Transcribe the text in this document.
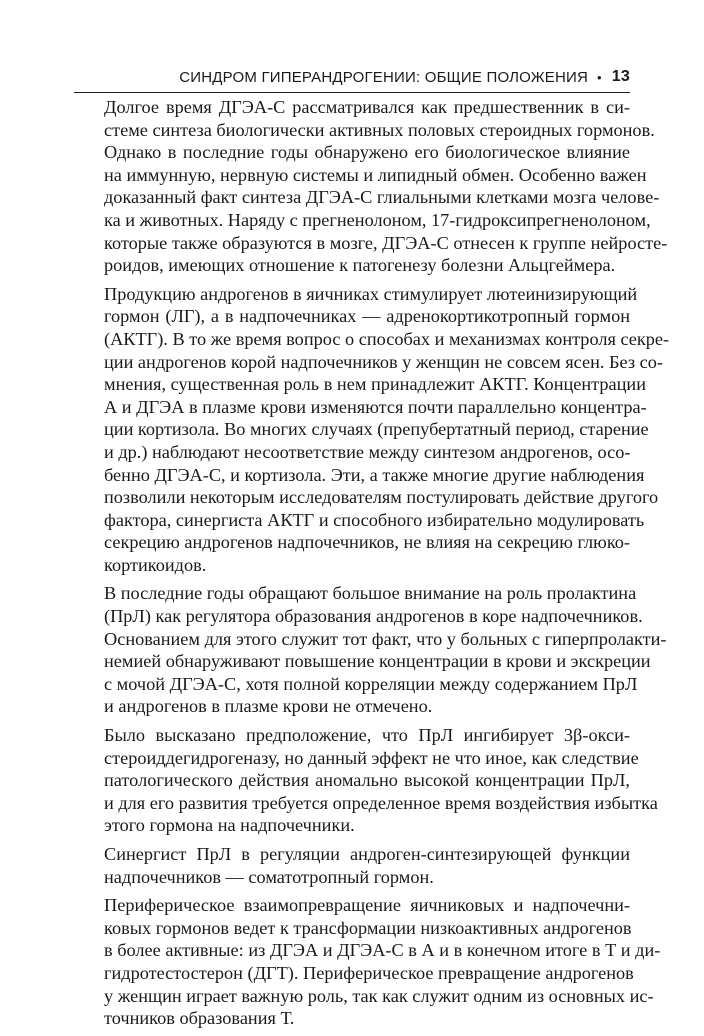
СИНДРОМ ГИПЕРАНДРОГЕНИИ: ОБЩИЕ ПОЛОЖЕНИЯ • 13

Долгое время ДГЭА-С рассматривался как предшественник в си-
стеме синтеза биологически активных половых стероидных гормонов.
Однако в последние годы обнаружено его биологическое влияние
на иммунную, нервную системы и липидный обмен. Особенно важен
доказанный факт синтеза ДГЭА-С глиальными клетками мозга челове-
ка и животных. Наряду с прегненолоном, 17-гидроксипрегненолоном,
которые также образуются в мозге, ДГЭА-С отнесен к группе нейросте-
роидов, имеющих отношение к патогенезу болезни Альцгеймера.

Продукцию андрогенов в яичниках стимулирует лютеинизирующий
гормон (ЛГ), а в надпочечниках — адренокортикотропный гормон
(АКТГ). В то же время вопрос о способах и механизмах контроля секре-
ции андрогенов корой надпочечников у женщин не совсем ясен. Без со-
мнения, существенная роль в нем принадлежит АКТГ. Концентрации
А и ДГЭА в плазме крови изменяются почти параллельно концентра-
ции кортизола. Во многих случаях (препубертатный период, старение
и др.) наблюдают несоответствие между синтезом андрогенов, осо-
бенно ДГЭА-С, и кортизола. Эти, а также многие другие наблюдения
позволили некоторым исследователям постулировать действие другого
фактора, синергиста АКТГ и способного избирательно модулировать
секрецию андрогенов надпочечников, не влияя на секрецию глюко-
кортикоидов.

В последние годы обращают большое внимание на роль пролактина
(ПрЛ) как регулятора образования андрогенов в коре надпочечников.
Основанием для этого служит тот факт, что у больных с гиперпролакти-
немией обнаруживают повышение концентрации в крови и экскреции
с мочой ДГЭА-С, хотя полной корреляции между содержанием ПрЛ
и андрогенов в плазме крови не отмечено.

Было высказано предположение, что ПрЛ ингибирует 3β-окси-
стероиддегидрогеназу, но данный эффект не что иное, как следствие
патологического действия аномально высокой концентрации ПрЛ,
и для его развития требуется определенное время воздействия избытка
этого гормона на надпочечники.

Синергист ПрЛ в регуляции андроген-синтезирующей функции
надпочечников — соматотропный гормон.

Периферическое взаимопревращение яичниковых и надпочечни-
ковых гормонов ведет к трансформации низкоактивных андрогенов
в более активные: из ДГЭА и ДГЭА-С в А и в конечном итоге в Т и ди-
гидротестостерон (ДГТ). Периферическое превращение андрогенов
у женщин играет важную роль, так как служит одним из основных ис-
точников образования Т.
